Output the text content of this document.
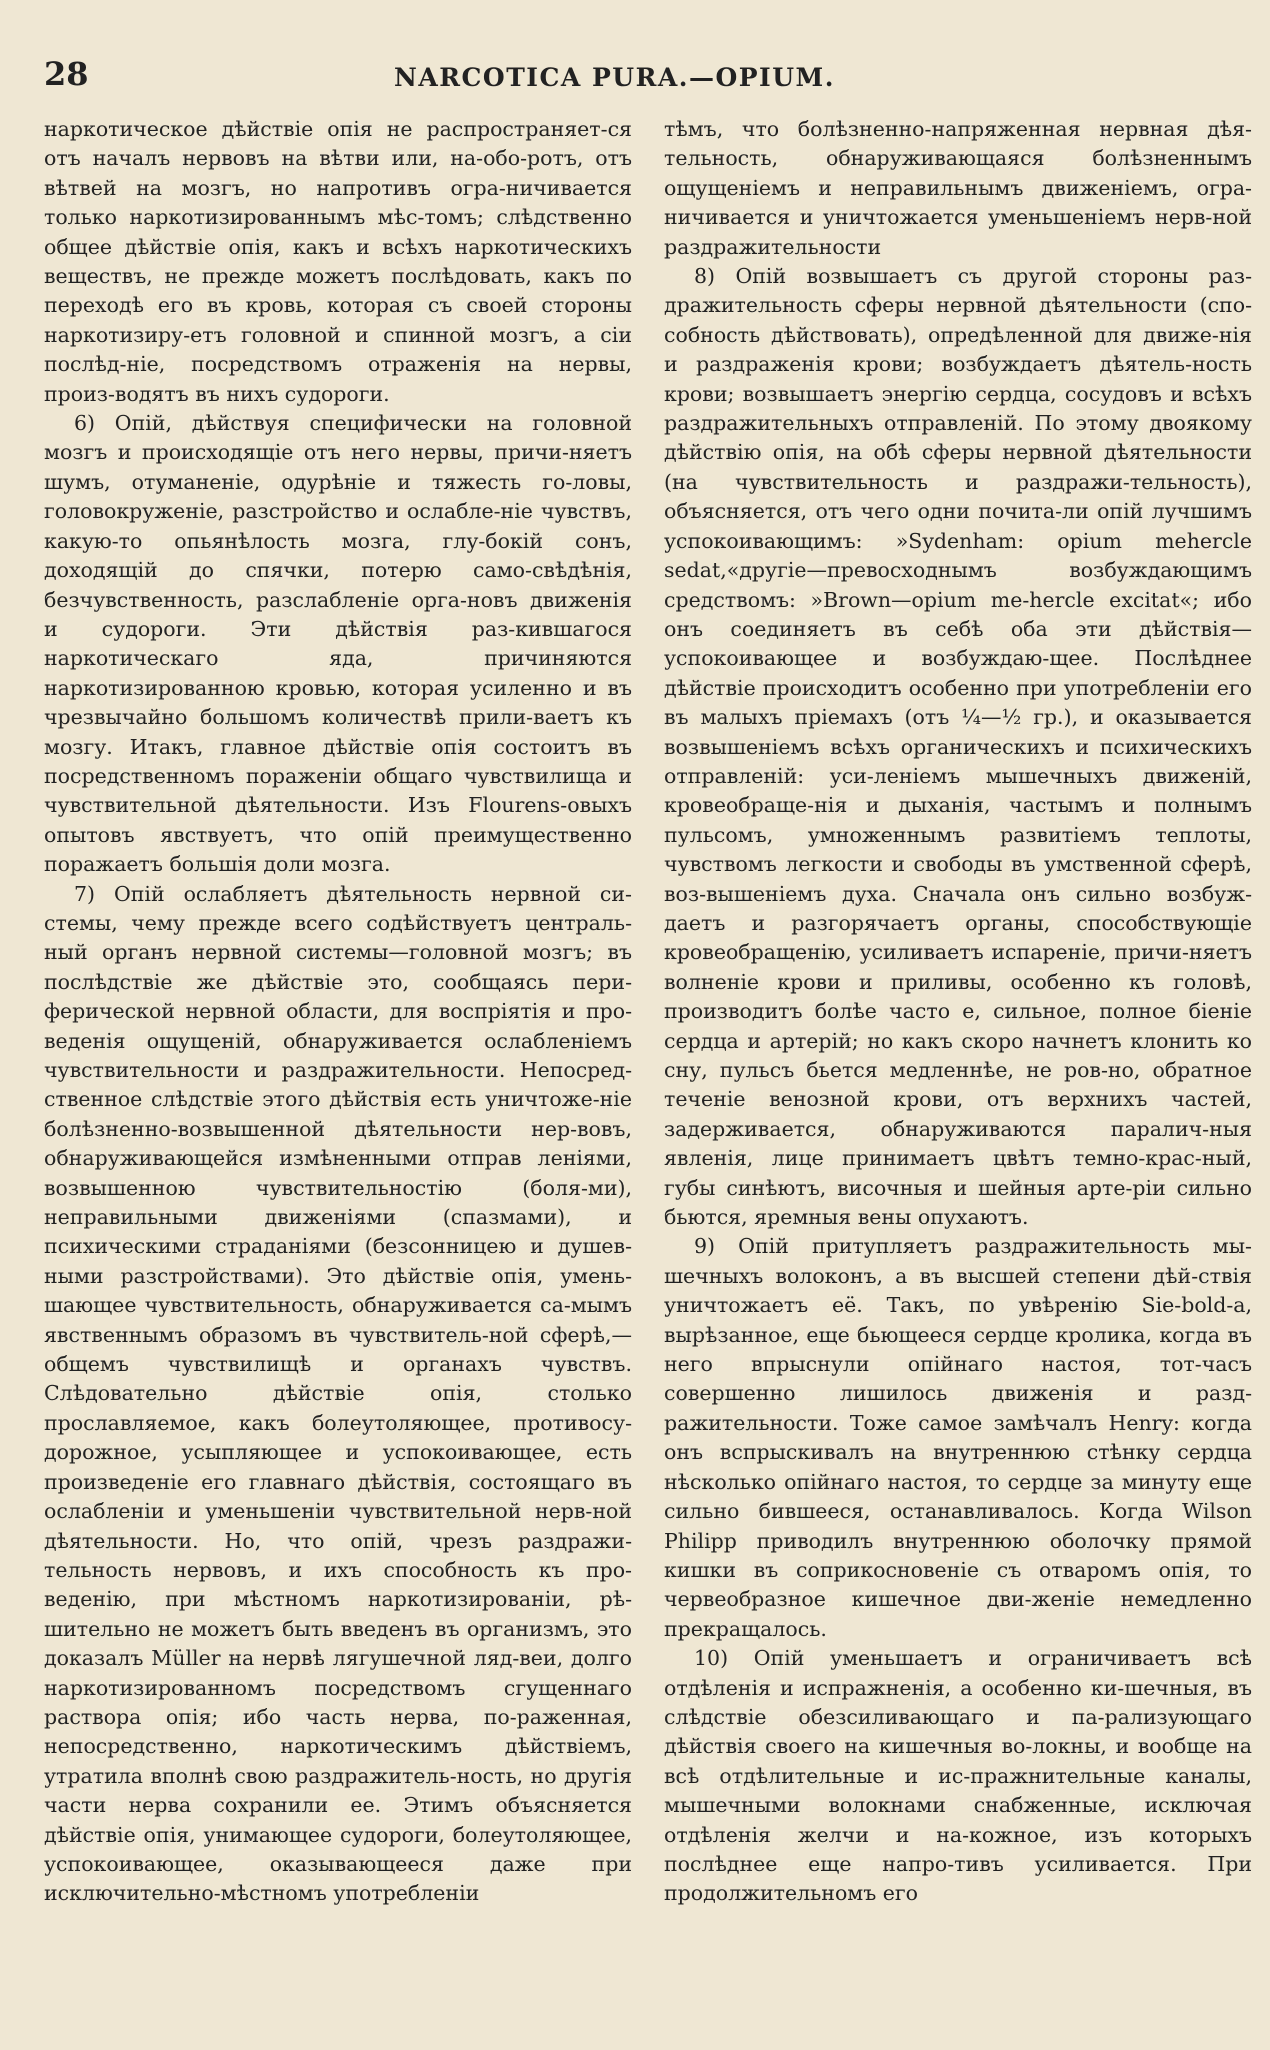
28	NARCOTICA PURA.—OPIUM.

наркотическое дѣйствіе опія не распространяет-ся отъ началъ нервовъ на вѣтви или, на-обо-ротъ, отъ вѣтвей на мозгъ, но напротивъ огра-ничивается только наркотизированнымъ мѣс-томъ; слѣдственно общее дѣйствіе опія, какъ и всѣхъ наркотическихъ веществъ, не прежде можетъ послѣдовать, какъ по переходѣ его въ кровь, которая съ своей стороны наркотизиру-етъ головной и спинной мозгъ, а сіи послѣд-ніе, посредствомъ отраженія на нервы, произ-водятъ въ нихъ судороги.

6) Опій, дѣйствуя специфически на головной мозгъ и происходящіе отъ него нервы, причи-няетъ шумъ, отуманеніе, одурѣніе и тяжесть го-ловы, головокруженіе, разстройство и ослабле-ніе чувствъ, какую-то опьянѣлость мозга, глу-бокій сонъ, доходящій до спячки, потерю само-свѣдѣнія, безчувственность, разслабленіе орга-новъ движенія и судороги. Эти дѣйствія раз-кившагося наркотическаго яда, причиняются наркотизированною кровью, которая усиленно и въ чрезвычайно большомъ количествѣ прили-ваетъ къ мозгу. Итакъ, главное дѣйствіе опія состоитъ въ посредственномъ пораженіи общаго чувствилища и чувствительной дѣятельности. Изъ Flourens-овыхъ опытовъ явствуетъ, что опій преимущественно поражаетъ большія доли мозга.

7) Опій ослабляетъ дѣятельность нервной си-стемы, чему прежде всего содѣйствуетъ централь-ный органъ нервной системы—головной мозгъ; въ послѣдствіе же дѣйствіе это, сообщаясь пери-ферической нервной области, для воспріятія и про-веденія ощущеній, обнаруживается ослабленіемъ чувствительности и раздражительности. Непосред-ственное слѣдствіе этого дѣйствія есть уничтоже-ніе болѣзненно-возвышенной дѣятельности нер-вовъ, обнаруживающейся измѣненными отправ леніями, возвышенною чувствительностію (боля-ми), неправильными движеніями (спазмами), и психическими страданіями (безсонницею и душев-ными разстройствами). Это дѣйствіе опія, умень-шающее чувствительность, обнаруживается са-мымъ явственнымъ образомъ въ чувствитель-ной сферѣ,—общемъ чувствилищѣ и органахъ чувствъ. Слѣдовательно дѣйствіе опія, столько прославляемое, какъ болеутоляющее, противосу-дорожное, усыпляющее и успокоивающее, есть произведеніе его главнаго дѣйствія, состоящаго въ ослабленіи и уменьшеніи чувствительной нерв-ной дѣятельности. Но, что опій, чрезъ раздражи-тельность нервовъ, и ихъ способность къ про-веденію, при мѣстномъ наркотизированіи, рѣ-шительно не можетъ быть введенъ въ организмъ, это доказалъ Müller на нервѣ лягушечной ляд-веи, долго наркотизированномъ посредствомъ сгущеннаго раствора опія; ибо часть нерва, по-раженная, непосредственно, наркотическимъ дѣйствіемъ, утратила вполнѣ свою раздражитель-ность, но другія части нерва сохранили ее. Этимъ объясняется дѣйствіе опія, унимающее судороги, болеутоляющее, успокоивающее, оказывающееся даже при исключительно-мѣстномъ употребленіи

тѣмъ, что болѣзненно-напряженная нервная дѣя-тельность, обнаруживающаяся болѣзненнымъ ощущеніемъ и неправильнымъ движеніемъ, огра-ничивается и уничтожается уменьшеніемъ нерв-ной раздражительности

8) Опій возвышаетъ съ другой стороны раз-дражительность сферы нервной дѣятельности (спо-собность дѣйствовать), опредѣленной для движе-нія и раздраженія крови; возбуждаетъ дѣятель-ность крови; возвышаетъ энергію сердца, сосудовъ и всѣхъ раздражительныхъ отправленій. По этому двоякому дѣйствію опія, на обѣ сферы нервной дѣятельности (на чувствительность и раздражи-тельность), объясняется, отъ чего одни почита-ли опій лучшимъ успокоивающимъ: »Sydenham: opium mehercle sedat,«другіе—превосходнымъ возбуждающимъ средствомъ: »Brown—opium me-hercle excitat«; ибо онъ соединяетъ въ себѣ оба эти дѣйствія—успокоивающее и возбуждаю-щее. Послѣднее дѣйствіе происходитъ особенно при употребленіи его въ малыхъ пріемахъ (отъ ¼—½ гр.), и оказывается возвышеніемъ всѣхъ органическихъ и психическихъ отправленій: уси-леніемъ мышечныхъ движеній, кровеобраще-нія и дыханія, частымъ и полнымъ пульсомъ, умноженнымъ развитіемъ теплоты, чувствомъ легкости и свободы въ умственной сферѣ, воз-вышеніемъ духа. Сначала онъ сильно возбуж-даетъ и разгорячаетъ органы, способствующіе кровеобращенію, усиливаетъ испареніе, причи-няетъ волненіе крови и приливы, особенно къ головѣ, производитъ болѣе часто е, сильное, полное біеніе сердца и артерій; но какъ скоро начнетъ клонить ко сну, пульсъ бьется медленнѣе, не ров-но, обратное теченіе венозной крови, отъ верхнихъ частей, задерживается, обнаруживаются паралич-ныя явленія, лице принимаетъ цвѣтъ темно-крас-ный, губы синѣютъ, височныя и шейныя арте-ріи сильно бьются, яремныя вены опухаютъ.

9) Опій притупляетъ раздражительность мы-шечныхъ волоконъ, а въ высшей степени дѣй-ствія уничтожаетъ её. Такъ, по увѣренію Sie-bold-а, вырѣзанное, еще бьющееся сердце кролика, когда въ него впрыснули опійнаго настоя, тот-часъ совершенно лишилось движенія и разд-ражительности. Тоже самое замѣчалъ Henry: когда онъ вспрыскивалъ на внутреннюю стѣнку сердца нѣсколько опійнаго настоя, то сердце за минуту еще сильно бившееся, останавливалось. Когда Wilson Philipp приводилъ внутреннюю оболочку прямой кишки въ соприкосновеніе съ отваромъ опія, то червеобразное кишечное дви-женіе немедленно прекращалось.

10) Опій уменьшаетъ и ограничиваетъ всѣ отдѣленія и испражненія, а особенно ки-шечныя, въ слѣдствіе обезсиливающаго и па-рализующаго дѣйствія своего на кишечныя во-локны, и вообще на всѣ отдѣлительные и ис-пражнительные каналы, мышечными волокнами снабженные, исключая отдѣленія желчи и на-кожное, изъ которыхъ послѣднее еще напро-тивъ усиливается. При продолжительномъ его
